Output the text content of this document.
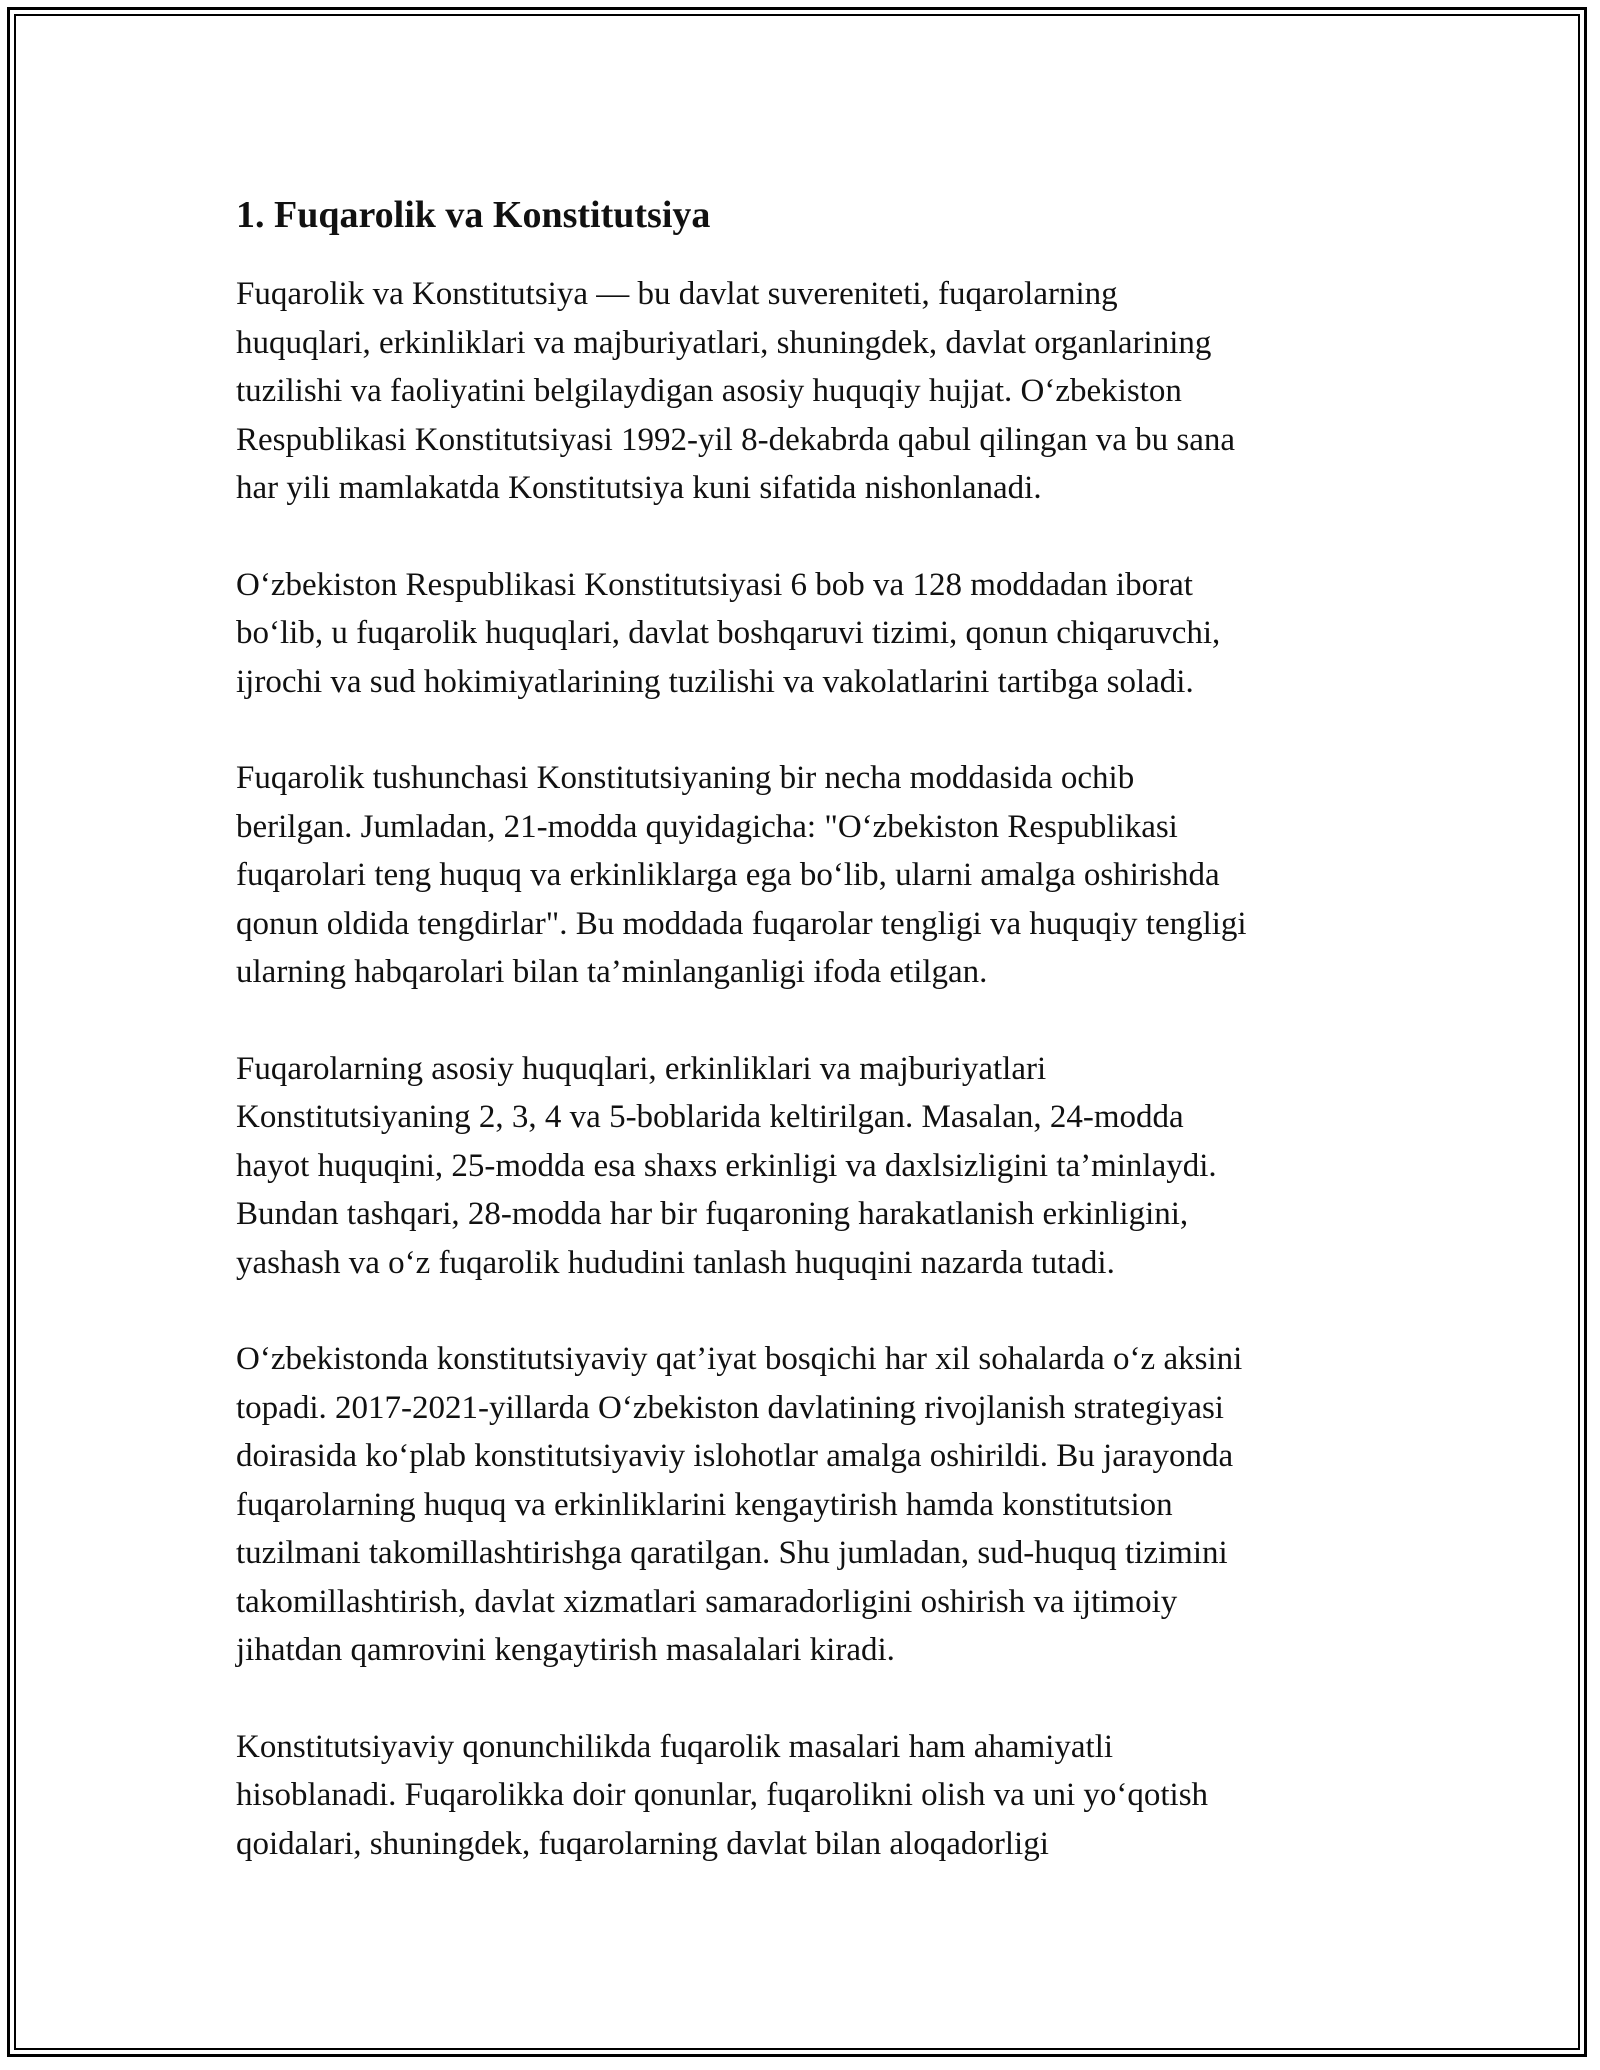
1. Fuqarolik va Konstitutsiya

Fuqarolik va Konstitutsiya — bu davlat suvereniteti, fuqarolarning
huquqlari, erkinliklari va majburiyatlari, shuningdek, davlat organlarining
tuzilishi va faoliyatini belgilaydigan asosiy huquqiy hujjat. O‘zbekiston
Respublikasi Konstitutsiyasi 1992-yil 8-dekabrda qabul qilingan va bu sana
har yili mamlakatda Konstitutsiya kuni sifatida nishonlanadi.

O‘zbekiston Respublikasi Konstitutsiyasi 6 bob va 128 moddadan iborat
bo‘lib, u fuqarolik huquqlari, davlat boshqaruvi tizimi, qonun chiqaruvchi,
ijrochi va sud hokimiyatlarining tuzilishi va vakolatlarini tartibga soladi.

Fuqarolik tushunchasi Konstitutsiyaning bir necha moddasida ochib
berilgan. Jumladan, 21-modda quyidagicha: "O‘zbekiston Respublikasi
fuqarolari teng huquq va erkinliklarga ega bo‘lib, ularni amalga oshirishda
qonun oldida tengdirlar". Bu moddada fuqarolar tengligi va huquqiy tengligi
ularning habqarolari bilan ta’minlanganligi ifoda etilgan.

Fuqarolarning asosiy huquqlari, erkinliklari va majburiyatlari
Konstitutsiyaning 2, 3, 4 va 5-boblarida keltirilgan. Masalan, 24-modda
hayot huquqini, 25-modda esa shaxs erkinligi va daxlsizligini ta’minlaydi.
Bundan tashqari, 28-modda har bir fuqaroning harakatlanish erkinligini,
yashash va o‘z fuqarolik hududini tanlash huquqini nazarda tutadi.

O‘zbekistonda konstitutsiyaviy qat’iyat bosqichi har xil sohalarda o‘z aksini
topadi. 2017-2021-yillarda O‘zbekiston davlatining rivojlanish strategiyasi
doirasida ko‘plab konstitutsiyaviy islohotlar amalga oshirildi. Bu jarayonda
fuqarolarning huquq va erkinliklarini kengaytirish hamda konstitutsion
tuzilmani takomillashtirishga qaratilgan. Shu jumladan, sud-huquq tizimini
takomillashtirish, davlat xizmatlari samaradorligini oshirish va ijtimoiy
jihatdan qamrovini kengaytirish masalalari kiradi.

Konstitutsiyaviy qonunchilikda fuqarolik masalari ham ahamiyatli
hisoblanadi. Fuqarolikka doir qonunlar, fuqarolikni olish va uni yo‘qotish
qoidalari, shuningdek, fuqarolarning davlat bilan aloqadorligi
